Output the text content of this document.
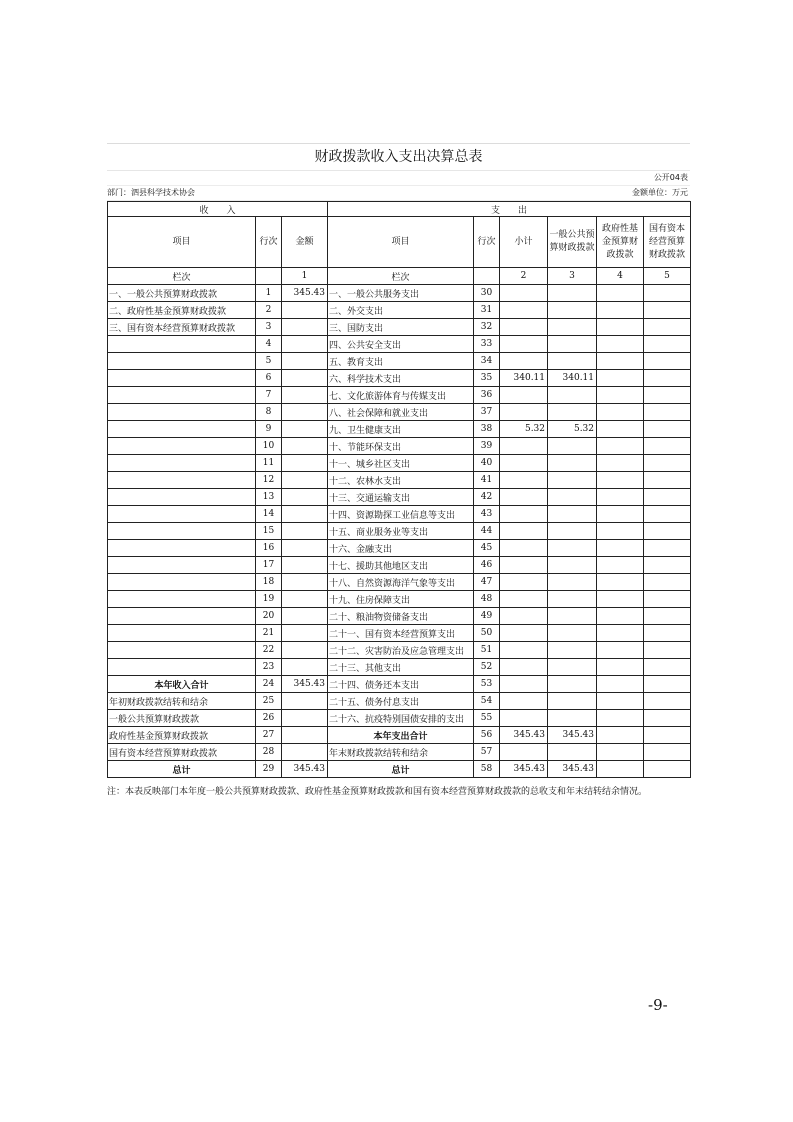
财政拨款收入支出决算总表
公开04表
部门：泗县科学技术协会	金额单位：万元
收　　入			支　　出					
项目	行次	金额	项目	行次	小计	一般公共预算财政拨款	政府性基金预算财政拨款	国有资本经营预算财政拨款
栏次		1	栏次		2	3	4	5
一、一般公共预算财政拨款	1	345.43	一、一般公共服务支出	30				
二、政府性基金预算财政拨款	2		二、外交支出	31				
三、国有资本经营预算财政拨款	3		三、国防支出	32				
	4		四、公共安全支出	33				
	5		五、教育支出	34				
	6		六、科学技术支出	35	340.11	340.11		
	7		七、文化旅游体育与传媒支出	36				
	8		八、社会保障和就业支出	37				
	9		九、卫生健康支出	38	5.32	5.32		
	10		十、节能环保支出	39				
	11		十一、城乡社区支出	40				
	12		十二、农林水支出	41				
	13		十三、交通运输支出	42				
	14		十四、资源勘探工业信息等支出	43				
	15		十五、商业服务业等支出	44				
	16		十六、金融支出	45				
	17		十七、援助其他地区支出	46				
	18		十八、自然资源海洋气象等支出	47				
	19		十九、住房保障支出	48				
	20		二十、粮油物资储备支出	49				
	21		二十一、国有资本经营预算支出	50				
	22		二十二、灾害防治及应急管理支出	51				
	23		二十三、其他支出	52				
本年收入合计	24	345.43	二十四、债务还本支出	53				
年初财政拨款结转和结余	25		二十五、债务付息支出	54				
一般公共预算财政拨款	26		二十六、抗疫特别国债安排的支出	55				
政府性基金预算财政拨款	27		本年支出合计	56	345.43	345.43		
国有资本经营预算财政拨款	28		年末财政拨款结转和结余	57				
总计	29	345.43	总计	58	345.43	345.43		
注：本表反映部门本年度一般公共预算财政拨款、政府性基金预算财政拨款和国有资本经营预算财政拨款的总收支和年末结转结余情况。
-9-
